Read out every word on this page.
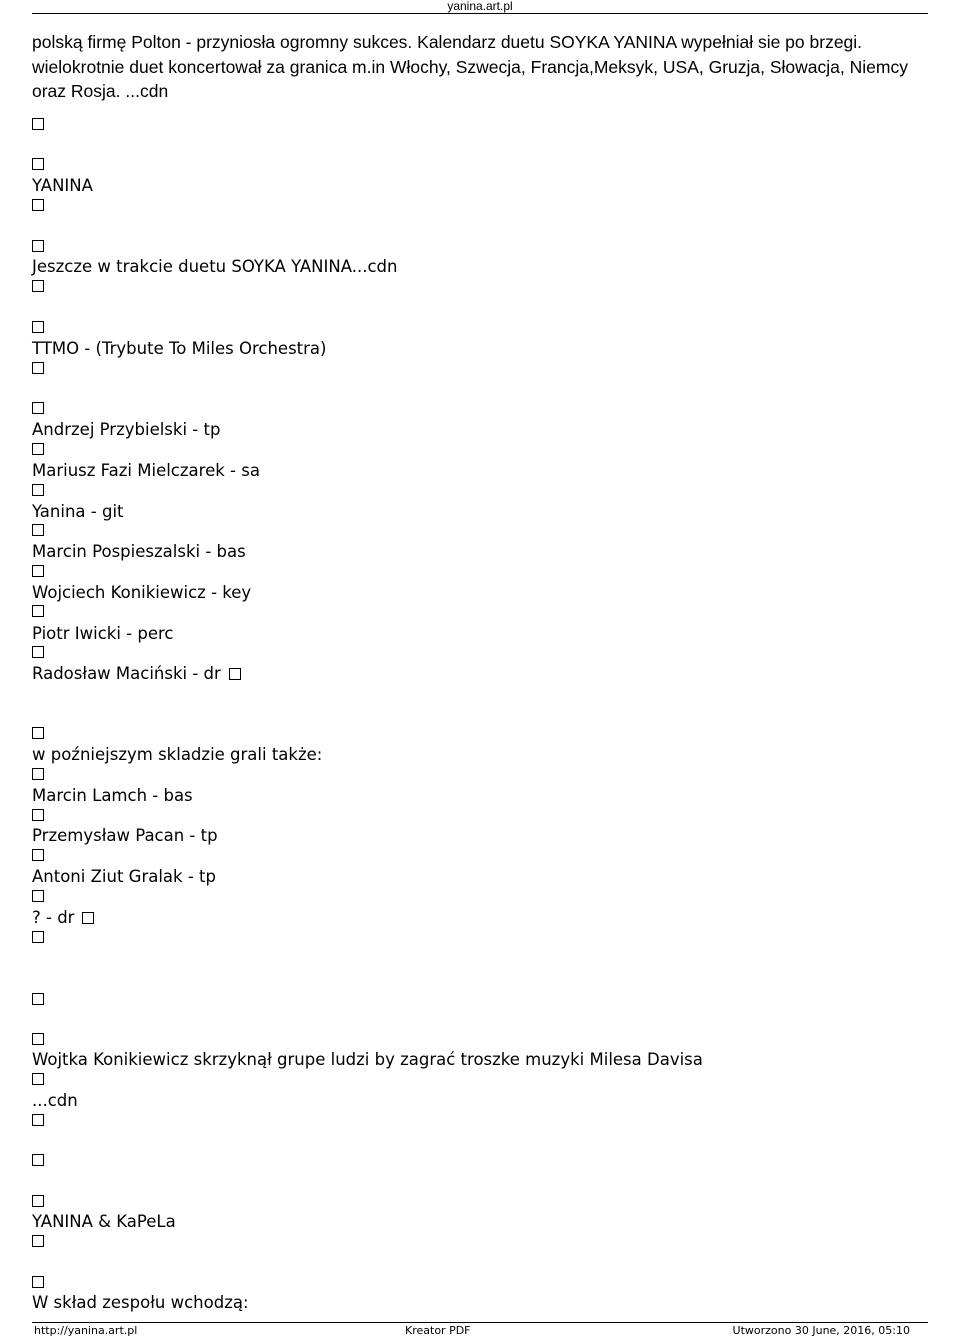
yanina.art.pl
polską firmę Polton - przyniosła ogromny sukces. Kalendarz duetu SOYKA YANINA wypełniał sie po brzegi. wielokrotnie duet koncertował za granica m.in Włochy, Szwecja, Francja,Meksyk, USA, Gruzja, Słowacja, Niemcy oraz Rosja. ...cdn
YANINA
Jeszcze w trakcie duetu SOYKA YANINA...cdn
TTMO - (Trybute To Miles Orchestra)
Andrzej Przybielski - tp
Mariusz Fazi Mielczarek - sa
Yanina - git
Marcin Pospieszalski - bas
Wojciech Konikiewicz - key
Piotr Iwicki - perc
Radosław Maciński - dr
w poźniejszym skladzie grali także:
Marcin Lamch - bas
Przemysław Pacan - tp
Antoni Ziut Gralak - tp
? - dr
Wojtka Konikiewicz skrzyknął grupe ludzi by zagrać troszke muzyki Milesa Davisa
...cdn
YANINA & KaPeLa
W skład zespołu wchodzą:
http://yanina.art.pl	Kreator PDF	Utworzono 30 June, 2016, 05:10
